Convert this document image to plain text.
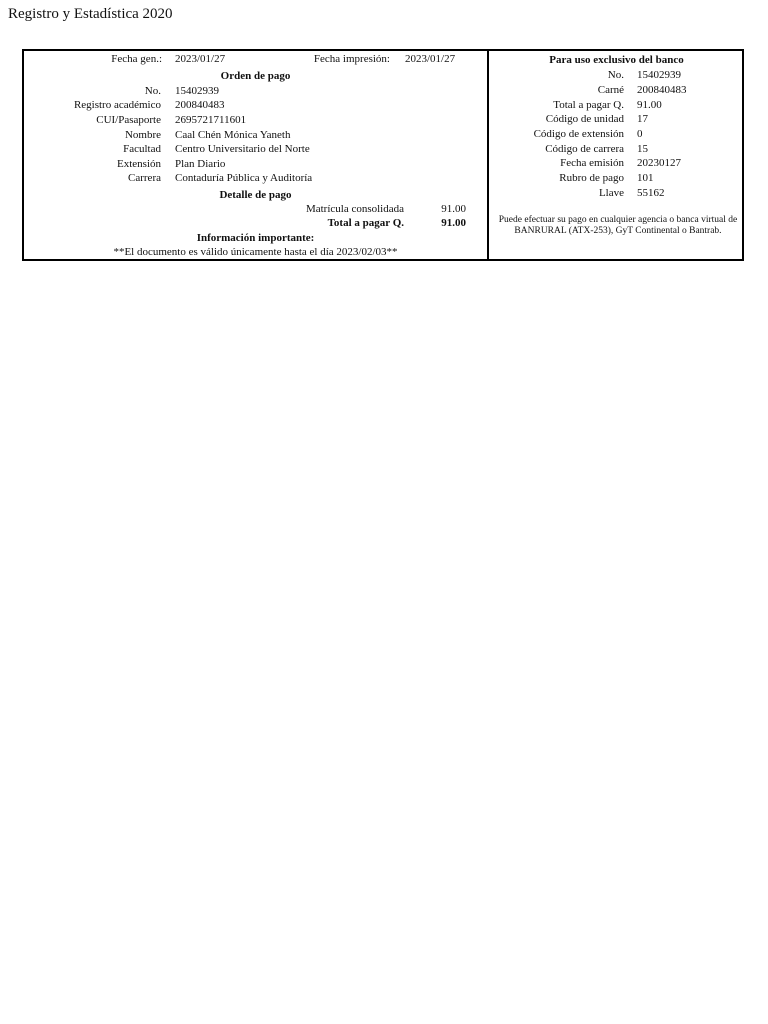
Registro y Estadística 2020
Fecha gen.: 2023/01/27	Fecha impresión: 2023/01/27
Orden de pago
No. 15402939
Registro académico 200840483
CUI/Pasaporte 2695721711601
Nombre Caal Chén Mónica Yaneth
Facultad Centro Universitario del Norte
Extensión Plan Diario
Carrera Contaduría Pública y Auditoría
Detalle de pago
Matrícula consolidada	91.00
Total a pagar Q.	91.00
Información importante:
**El documento es válido únicamente hasta el día 2023/02/03**
Para uso exclusivo del banco
No. 15402939
Carné 200840483
Total a pagar Q. 91.00
Código de unidad 17
Código de extensión 0
Código de carrera 15
Fecha emisión 20230127
Rubro de pago 101
Llave 55162
Puede efectuar su pago en cualquier agencia o banca virtual de BANRURAL (ATX-253), GyT Continental o Bantrab.
